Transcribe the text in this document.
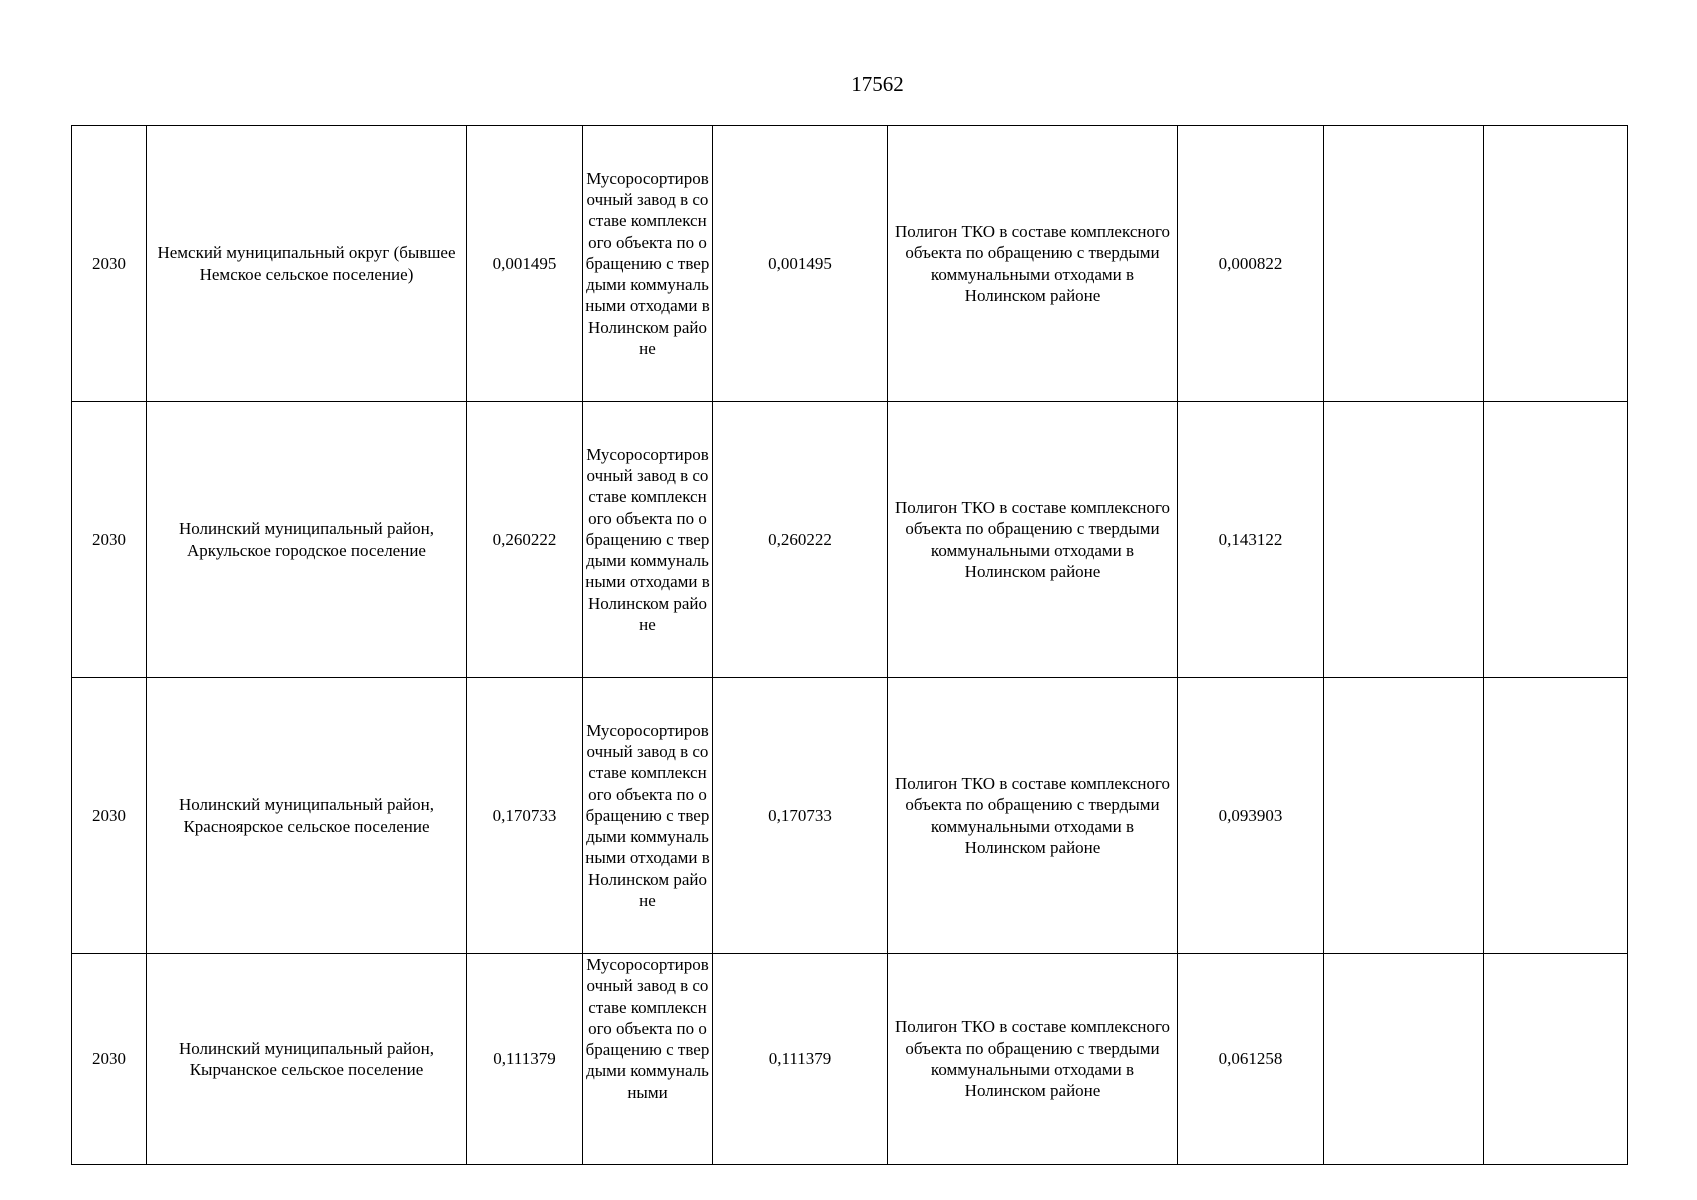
17562
2030	Немский муниципальный округ (бывшее Немское сельское поселение)	0,001495	Мусоросортировочный завод в составе комплексного объекта по обращению с твердыми коммунальными отходами в Нолинском районе	0,001495	Полигон ТКО в составе комплексного объекта по обращению с твердыми коммунальными отходами в Нолинском районе	0,000822		
2030	Нолинский муниципальный район, Аркульское городское поселение	0,260222	Мусоросортировочный завод в составе комплексного объекта по обращению с твердыми коммунальными отходами в Нолинском районе	0,260222	Полигон ТКО в составе комплексного объекта по обращению с твердыми коммунальными отходами в Нолинском районе	0,143122		
2030	Нолинский муниципальный район, Красноярское сельское поселение	0,170733	Мусоросортировочный завод в составе комплексного объекта по обращению с твердыми коммунальными отходами в Нолинском районе	0,170733	Полигон ТКО в составе комплексного объекта по обращению с твердыми коммунальными отходами в Нолинском районе	0,093903		
2030	Нолинский муниципальный район, Кырчанское сельское поселение	0,111379	Мусоросортировочный завод в составе комплексного объекта по обращению с твердыми коммунальными	0,111379	Полигон ТКО в составе комплексного объекта по обращению с твердыми коммунальными отходами в Нолинском районе	0,061258		
